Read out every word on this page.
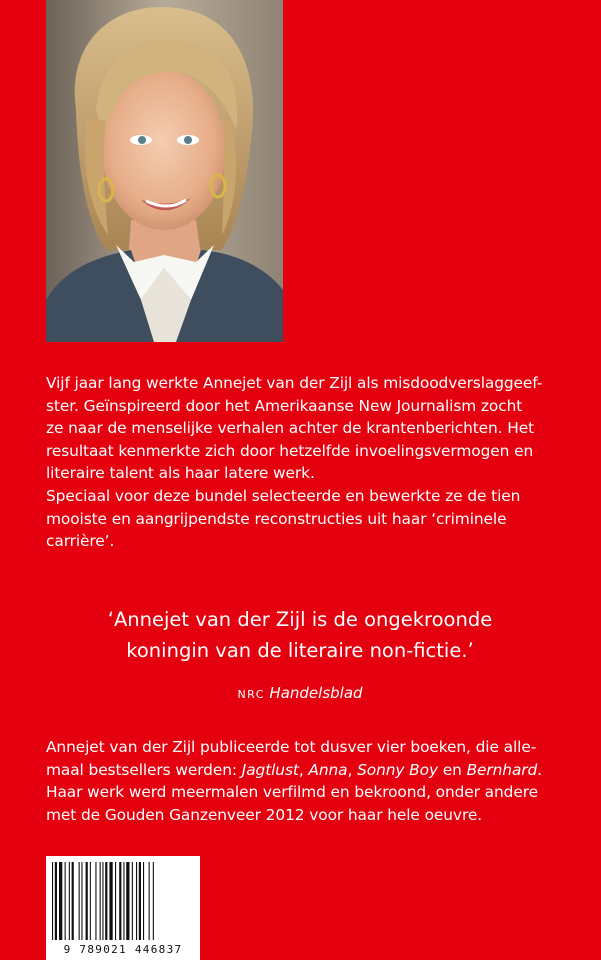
Vijf jaar lang werkte Annejet van der Zijl als misdoodverslaggeef-
ster. Geïnspireerd door het Amerikaanse New Journalism zocht
ze naar de menselijke verhalen achter de krantenberichten. Het
resultaat kenmerkte zich door hetzelfde invoelingsvermogen en
literaire talent als haar latere werk.
Speciaal voor deze bundel selecteerde en bewerkte ze de tien
mooiste en aangrijpendste reconstructies uit haar ‘criminele
carrière’.
‘Annejet van der Zijl is de ongekroonde
koningin van de literaire non-fictie.’
NRC Handelsblad
Annejet van der Zijl publiceerde tot dusver vier boeken, die alle-
maal bestsellers werden: Jagtlust, Anna, Sonny Boy en Bernhard.
Haar werk werd meermalen verfilmd en bekroond, onder andere
met de Gouden Ganzenveer 2012 voor haar hele oeuvre.
9 789021 446837
